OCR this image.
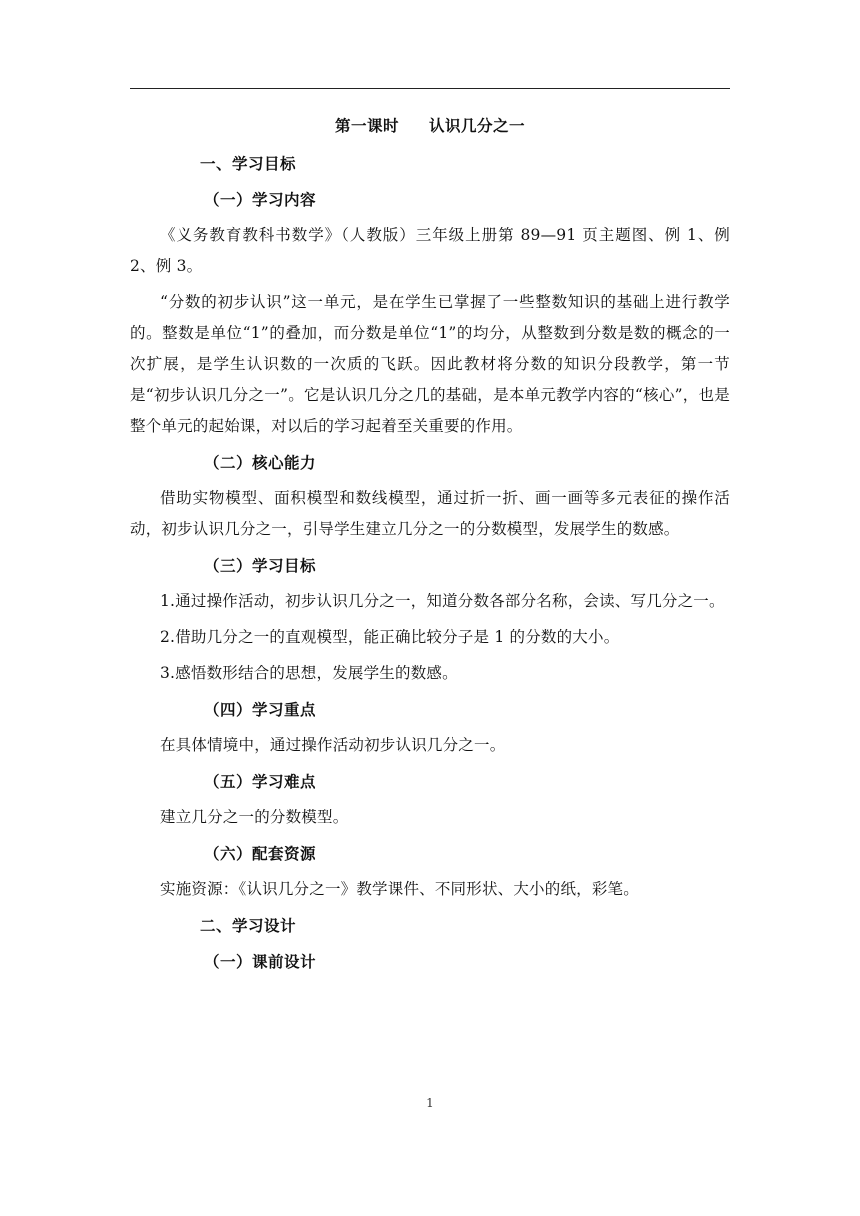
第一课时 认识几分之一
一、学习目标
（一）学习内容
《义务教育教科书数学》（人教版）三年级上册第 89—91 页主题图、例 1、例 2、例 3。
“分数的初步认识”这一单元，是在学生已掌握了一些整数知识的基础上进行教学的。整数是单位“1”的叠加，而分数是单位“1”的均分，从整数到分数是数的概念的一次扩展，是学生认识数的一次质的飞跃。因此教材将分数的知识分段教学，第一节是“初步认识几分之一”。它是认识几分之几的基础，是本单元教学内容的“核心”，也是整个单元的起始课，对以后的学习起着至关重要的作用。
（二）核心能力
借助实物模型、面积模型和数线模型，通过折一折、画一画等多元表征的操作活动，初步认识几分之一，引导学生建立几分之一的分数模型，发展学生的数感。
（三）学习目标
1.通过操作活动，初步认识几分之一，知道分数各部分名称，会读、写几分之一。
2.借助几分之一的直观模型，能正确比较分子是 1 的分数的大小。
3.感悟数形结合的思想，发展学生的数感。
（四）学习重点
在具体情境中，通过操作活动初步认识几分之一。
（五）学习难点
建立几分之一的分数模型。
（六）配套资源
实施资源：《认识几分之一》教学课件、不同形状、大小的纸，彩笔。
二、学习设计
（一）课前设计
1
